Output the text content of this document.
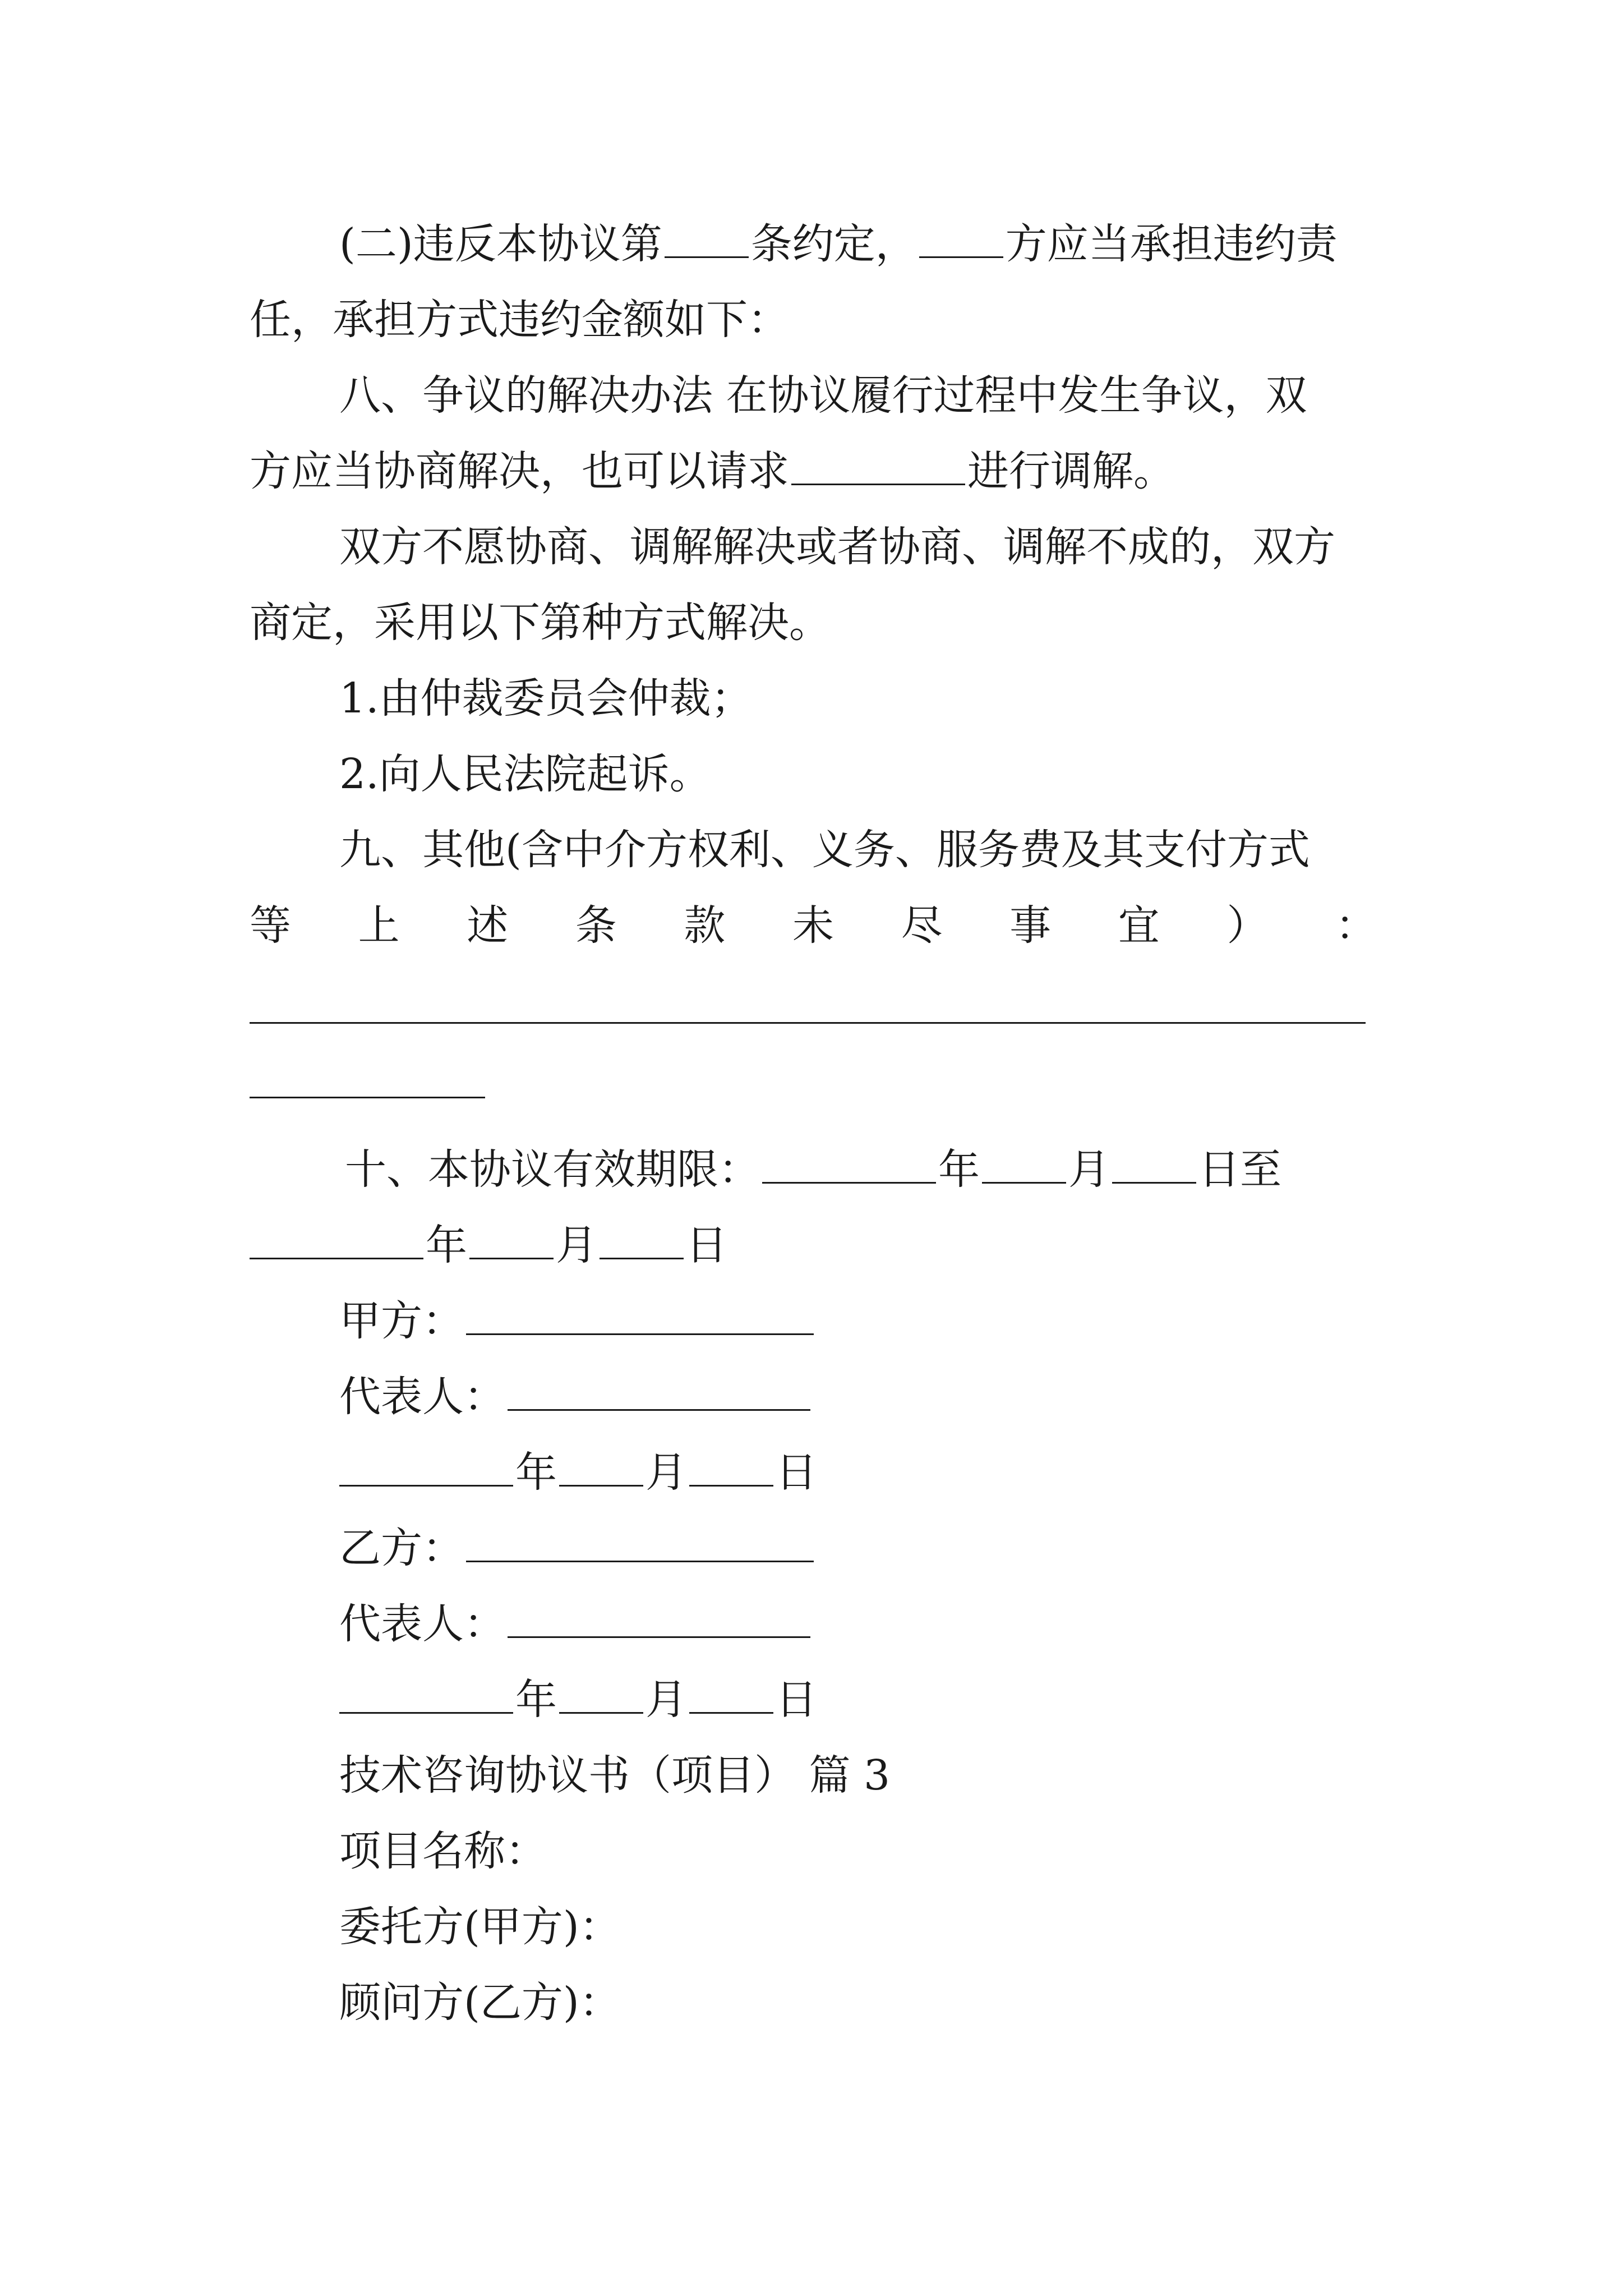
(二)违反本协议第 条约定， 方应当承担违约责
任，承担方式违约金额如下：
八、争议的解决办法 在协议履行过程中发生争议，双
方应当协商解决，也可以请求	进行调解。
双方不愿协商、调解解决或者协商、调解不成的，双方
商定，采用以下第种方式解决。
1.由仲裁委员会仲裁；
2.向人民法院起诉。
九、其他(含中介方权利、义务、服务费及其支付方式
等 上 述 条 款 未 尽 事 宜 ） ：
十、本协议有效期限：	年 月 日至
年 月 日
甲方：
代表人：
年 月 日
乙方：
代表人：
年 月 日
技术咨询协议书（项目） 篇 3
项目名称：
委托方(甲方)：
顾问方(乙方)：
